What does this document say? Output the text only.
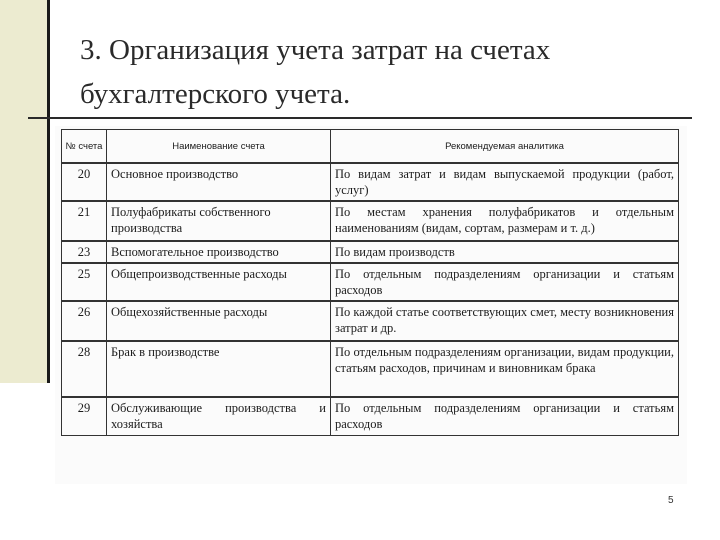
3. Организация учета затрат на счетах
бухгалтерского учета.
№ счета	Наименование счета	Рекомендуемая аналитика
20	Основное производство	По видам затрат и видам выпускаемой продукции (работ, услуг)
21	Полуфабрикаты собственного производства	По местам хранения полуфабрикатов и отдельным наименованиям (видам, сортам, размерам и т. д.)
23	Вспомогательное производство	По видам производств
25	Общепроизводственные расходы	По отдельным подразделениям организации и статьям расходов
26	Общехозяйственные расходы	По каждой статье соответствующих смет, месту возникновения затрат и др.
28	Брак в производстве	По отдельным подразделениям организации, видам продукции, статьям расходов, причинам и виновникам брака
29	Обслуживающие производства и хозяйства	По отдельным подразделениям организации и статьям расходов
5
